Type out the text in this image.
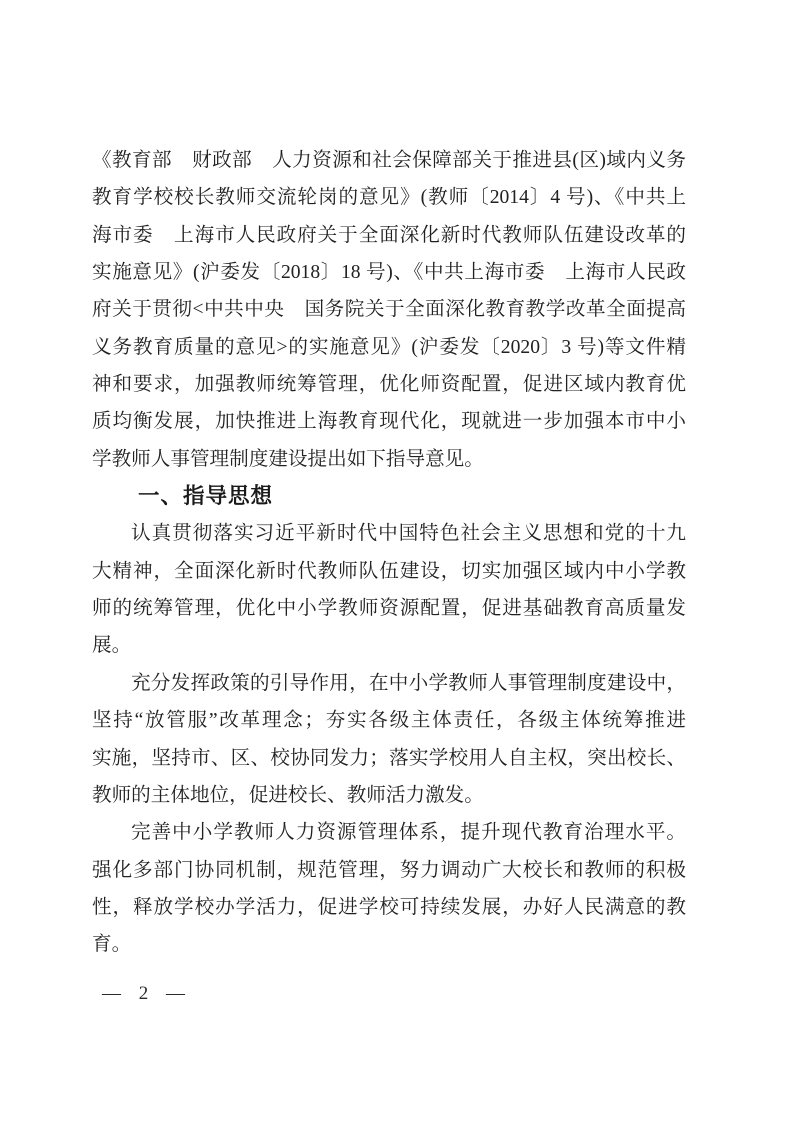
《教育部　财政部　人力资源和社会保障部关于推进县(区)域内义务
教育学校校长教师交流轮岗的意见》(教师〔2014〕4 号)、《中共上
海市委　上海市人民政府关于全面深化新时代教师队伍建设改革的
实施意见》(沪委发〔2018〕18 号)、《中共上海市委　上海市人民政
府关于贯彻<中共中央　国务院关于全面深化教育教学改革全面提高
义务教育质量的意见>的实施意见》(沪委发〔2020〕3 号)等文件精
神和要求，加强教师统筹管理，优化师资配置，促进区域内教育优
质均衡发展，加快推进上海教育现代化，现就进一步加强本市中小
学教师人事管理制度建设提出如下指导意见。
一、指导思想
认真贯彻落实习近平新时代中国特色社会主义思想和党的十九
大精神，全面深化新时代教师队伍建设，切实加强区域内中小学教
师的统筹管理，优化中小学教师资源配置，促进基础教育高质量发
展。
充分发挥政策的引导作用，在中小学教师人事管理制度建设中，
坚持“放管服”改革理念；夯实各级主体责任，各级主体统筹推进
实施，坚持市、区、校协同发力；落实学校用人自主权，突出校长、
教师的主体地位，促进校长、教师活力激发。
完善中小学教师人力资源管理体系，提升现代教育治理水平。
强化多部门协同机制，规范管理，努力调动广大校长和教师的积极
性，释放学校办学活力，促进学校可持续发展，办好人民满意的教
育。
— 2 —
